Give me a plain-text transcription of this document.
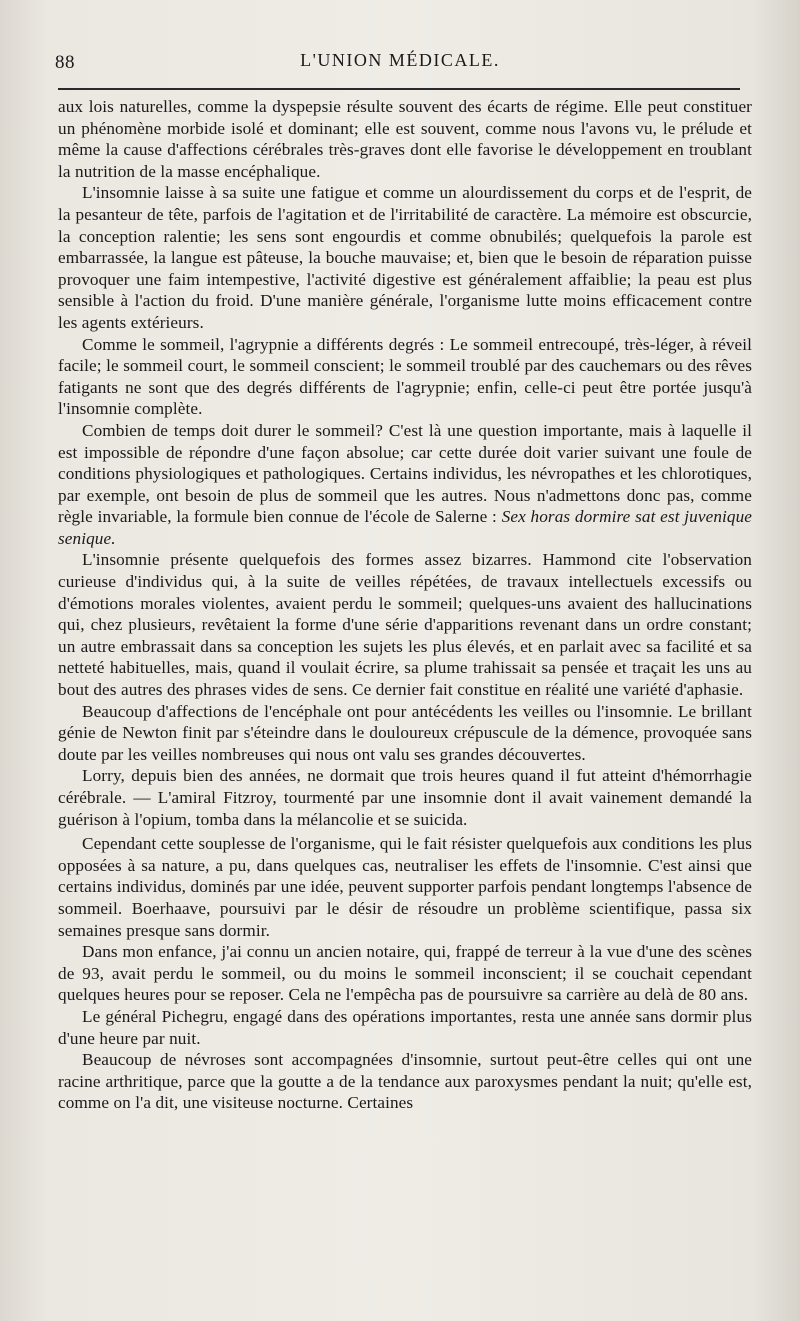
88	L'UNION MÉDICALE.

aux lois naturelles, comme la dyspepsie résulte souvent des écarts de régime. Elle peut constituer un phénomène morbide isolé et dominant; elle est souvent, comme nous l'avons vu, le prélude et même la cause d'affections cérébrales très-graves dont elle favorise le développement en troublant la nutrition de la masse encéphalique.

L'insomnie laisse à sa suite une fatigue et comme un alourdissement du corps et de l'esprit, de la pesanteur de tête, parfois de l'agitation et de l'irritabilité de caractère. La mémoire est obscurcie, la conception ralentie; les sens sont engourdis et comme obnubilés; quelquefois la parole est embarrassée, la langue est pâteuse, la bouche mauvaise; et, bien que le besoin de réparation puisse provoquer une faim intempestive, l'activité digestive est généralement affaiblie; la peau est plus sensible à l'action du froid. D'une manière générale, l'organisme lutte moins efficacement contre les agents extérieurs.

Comme le sommeil, l'agrypnie a différents degrés : Le sommeil entrecoupé, très-léger, à réveil facile; le sommeil court, le sommeil conscient; le sommeil troublé par des cauchemars ou des rêves fatigants ne sont que des degrés différents de l'agrypnie; enfin, celle-ci peut être portée jusqu'à l'insomnie complète.

Combien de temps doit durer le sommeil? C'est là une question importante, mais à laquelle il est impossible de répondre d'une façon absolue; car cette durée doit varier suivant une foule de conditions physiologiques et pathologiques. Certains individus, les névropathes et les chlorotiques, par exemple, ont besoin de plus de sommeil que les autres. Nous n'admettons donc pas, comme règle invariable, la formule bien connue de l'école de Salerne : Sex horas dormire sat est juvenique senique.

L'insomnie présente quelquefois des formes assez bizarres. Hammond cite l'observation curieuse d'individus qui, à la suite de veilles répétées, de travaux intellectuels excessifs ou d'émotions morales violentes, avaient perdu le sommeil; quelques-uns avaient des hallucinations qui, chez plusieurs, revêtaient la forme d'une série d'apparitions revenant dans un ordre constant; un autre embrassait dans sa conception les sujets les plus élevés, et en parlait avec sa facilité et sa netteté habituelles, mais, quand il voulait écrire, sa plume trahissait sa pensée et traçait les uns au bout des autres des phrases vides de sens. Ce dernier fait constitue en réalité une variété d'aphasie.

Beaucoup d'affections de l'encéphale ont pour antécédents les veilles ou l'insomnie. Le brillant génie de Newton finit par s'éteindre dans le douloureux crépuscule de la démence, provoquée sans doute par les veilles nombreuses qui nous ont valu ses grandes découvertes.

Lorry, depuis bien des années, ne dormait que trois heures quand il fut atteint d'hémorrhagie cérébrale. — L'amiral Fitzroy, tourmenté par une insomnie dont il avait vainement demandé la guérison à l'opium, tomba dans la mélancolie et se suicida.

Cependant cette souplesse de l'organisme, qui le fait résister quelquefois aux conditions les plus opposées à sa nature, a pu, dans quelques cas, neutraliser les effets de l'insomnie. C'est ainsi que certains individus, dominés par une idée, peuvent supporter parfois pendant longtemps l'absence de sommeil. Boerhaave, poursuivi par le désir de résoudre un problème scientifique, passa six semaines presque sans dormir.

Dans mon enfance, j'ai connu un ancien notaire, qui, frappé de terreur à la vue d'une des scènes de 93, avait perdu le sommeil, ou du moins le sommeil inconscient; il se couchait cependant quelques heures pour se reposer. Cela ne l'empêcha pas de poursuivre sa carrière au delà de 80 ans.

Le général Pichegru, engagé dans des opérations importantes, resta une année sans dormir plus d'une heure par nuit.

Beaucoup de névroses sont accompagnées d'insomnie, surtout peut-être celles qui ont une racine arthritique, parce que la goutte a de la tendance aux paroxysmes pendant la nuit; qu'elle est, comme on l'a dit, une visiteuse nocturne. Certaines
